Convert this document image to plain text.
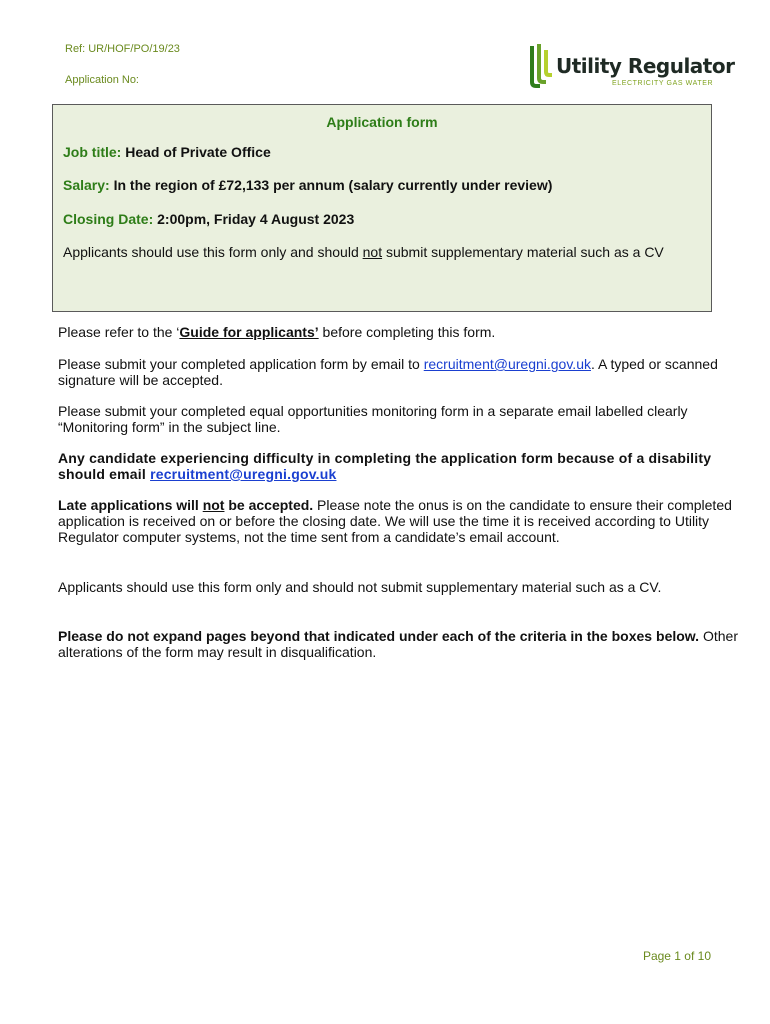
Ref: UR/HOF/PO/19/23
Application No:
Utility Regulator
ELECTRICITY GAS WATER
Application form
Job title: Head of Private Office
Salary: In the region of £72,133 per annum (salary currently under review)
Closing Date: 2:00pm, Friday 4 August 2023
Applicants should use this form only and should not submit supplementary material such as a CV
Please refer to the ‘Guide for applicants’ before completing this form.
Please submit your completed application form by email to recruitment@uregni.gov.uk. A typed or scanned signature will be accepted.
Please submit your completed equal opportunities monitoring form in a separate email labelled clearly “Monitoring form” in the subject line.
Any candidate experiencing difficulty in completing the application form because of a disability should email recruitment@uregni.gov.uk
Late applications will not be accepted. Please note the onus is on the candidate to ensure their completed application is received on or before the closing date. We will use the time it is received according to Utility Regulator computer systems, not the time sent from a candidate’s email account.
Applicants should use this form only and should not submit supplementary material such as a CV.
Please do not expand pages beyond that indicated under each of the criteria in the boxes below. Other alterations of the form may result in disqualification.
Page 1 of 10
